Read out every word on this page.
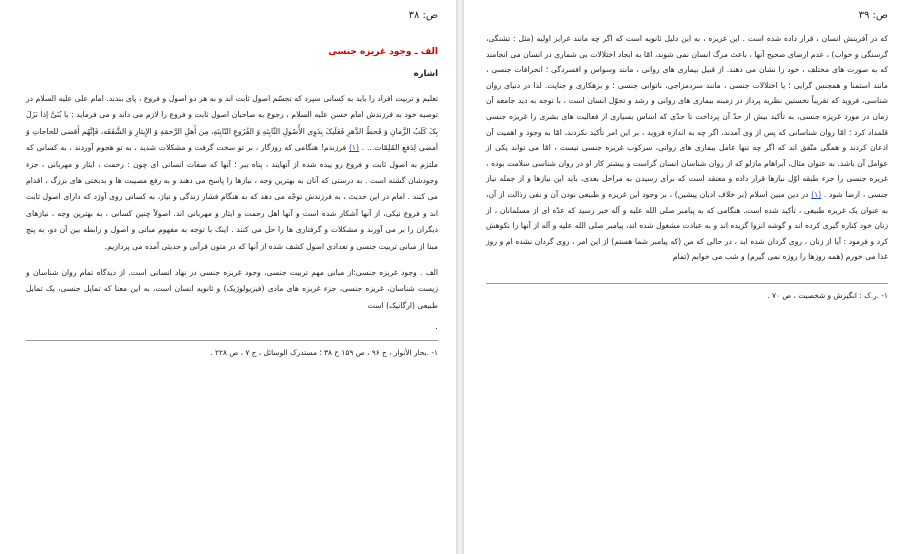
ص: ۳۸
الف ـ وجود غریزه جنسی
اشاره

تعلیم و تربیت افراد را باید به کسانی سپرد که تجسّم اصول ثابت اند و به هر دو اصول و فروع ، پای بندند. امام علی علیه السلام در توصیه خود به فرزندش امام حسن علیه السلام ، رجوع به صاحبان اصول ثابت و فروع را لازم می داند و می فرماید : یا بُنَیَّ إذا نَزَلَ بِکَ کَلَبُ الزَّمانِ وَ قَحطُ الدَّهرِ فَعَلَیکَ بِذَوِی الأُصُولِ الثّابِتَهِ وَ الفُرُوعِ النّابِتَهِ، مِن أَهلِ الرَّحمَهِ وَ الإِیثارِ وَ الشَّفَقَه، فَإنَّهُم أَقضی للحاجاتِ وَ أمضی لِدَفعِ المُلِمّات... . (۱) فرزندم! هنگامی که روزگار ، بر تو سخت گرفت و مشکلات شدید ، به تو هجوم آوردند ، به کسانی که ملتزم به اصول ثابت و فروع رو ییده شده از آنهایند ، پناه ببر ؛ آنها که صفات انسانی ای چون : رحمت ، ایثار و مهربانی ، جزء وجودشان گشته است . به درستی که آنان به بهترین وجه ، نیازها را پاسخ می دهند و به رفع مصیبت ها و بدبختی های بزرگ ، اقدام می کنند . امام در این حدیث ، به فرزندش توجّه می دهد که به هنگام فشار زندگی و نیاز، به کسانی روی آورَد که دارای اصول ثابت اند و فروع نیکی، از آنها آشکار شده است و آنها اهل رحمت و ایثار و مهربانی اند. اصولاً چنین کسانی ، به بهترین وجه ، نیازهای دیگران را بر می آورند و مشکلات و گرفتاری ها را حل می کنند . اینک با توجه به مفهوم مبانی و اصول و رابطه بین آن دو، به پنج مبنا از مبانی تربیت جنسی و تعدادی اصول کشف شده از آنها که در متون قرآنی و حدیثی آمده می پردازیم.

الف . وجود غریزه جنسی:از مبانی مهم تربیت جنسی، وجود غریزه جنسی در نهاد انسانی است. از دیدگاه تمام روان شناسان و زیست شناسان، غریزه جنسی، جزء غریزه های مادی (فیزیولوژیک) و ثانویه انسان است، به این معنا که تمایل جنسی، یک تمایل طبیعی (ارگانیک) است

.

۱- .بحار الأنوار ، ج ۹۶ ، ص ۱۵۹ ح ۳۸ ؛ مستدرک الوسائل ، ج ۷ ، ص ۲۲۸ .

ص: ۳۹

که در آفرینش انسان ، قرار داده شده است . این غریزه ، به این دلیل ثانویه است که اگر چه مانند غرایز اولیه (مثل : تشنگی، گرسنگی و خواب) ، عدم ارضای صحیح آنها ، باعث مرگ انسان نمی شوند، امّا به ایجاد اختلالات بی شماری در انسان می انجامند که به صورت های مختلف ، خود را نشان می دهند. از قبیل بیماری های روانی ، مانند وسواس و افسردگی ؛ انحرافات جنسی ، مانند استمنا و همجنس گرایی ؛ یا اختلالات جنسی ، مانند سردمزاجی، ناتوانی جنسی ؛ و بزهکاری و جنایت. لذا در دنیای روان شناسی، فروید که تقریباً نخستین نظریه پرداز در زمینه بیماری های روانی و رشد و تحوّل انسان است ، با توجه به دید جامعه آن زمان در مورد غریزه جنسی، به تأکید بیش از حدّ آن پرداخت تا حدّی که اساس بسیاری از فعالیت های بشری را غریزه جنسی قلمداد کرد ؛ امّا روان شناسانی که پس از وی آمدند، اگر چه به اندازه فروید ، بر این امر تأکید نکردند، امّا به وجود و اهمیت آن اذعان کردند و همگی متّفق اند که اگر چه تنها عامل بیماری های روانی، سرکوب غریزه جنسی نیست ، امّا می تواند یکی از عوامل آن باشد. به عنوان مثال، آبراهام مازلو که از روان شناسان انسان گراست و بیشتر کار او در روان شناسی سلامت بوده ، غریزه جنسی را جزء طبقه اوّل نیازها قرار داده و معتقد است که برای رسیدن به مراحل بعدی، باید این نیازها و از جمله نیاز جنسی ، ارضا شود . (۱) در دین مبین اسلام (بر خلاف ادیان پیشین) ، بر وجود این غریزه و طبیعی بودن آن و نفی رذالت از آن، به عنوان یک غریزه طبیعی ، تأکید شده است. هنگامی که به پیامبر صلی الله علیه و آله خبر رسید که عدّه ای از مسلمانان ، از زنان خود کناره گیری کرده اند و گوشه انزوا گزیده اند و به عبادت مشغول شده اند، پیامبر صلی الله علیه و آله از آنها را نکوهش کرد و فرمود : آیا از زنان ، روی گردان شده اید ، در حالی که من (که پیامبر شما هستم) از این امر ، روی گردان نشده ام و روز غذا می خورم (همه روزها را روزه نمی گیرم) و شب می خوابم (تمام

۱- .ر.ک : انگیزش و شخصیت ، ص ۷۰ .
